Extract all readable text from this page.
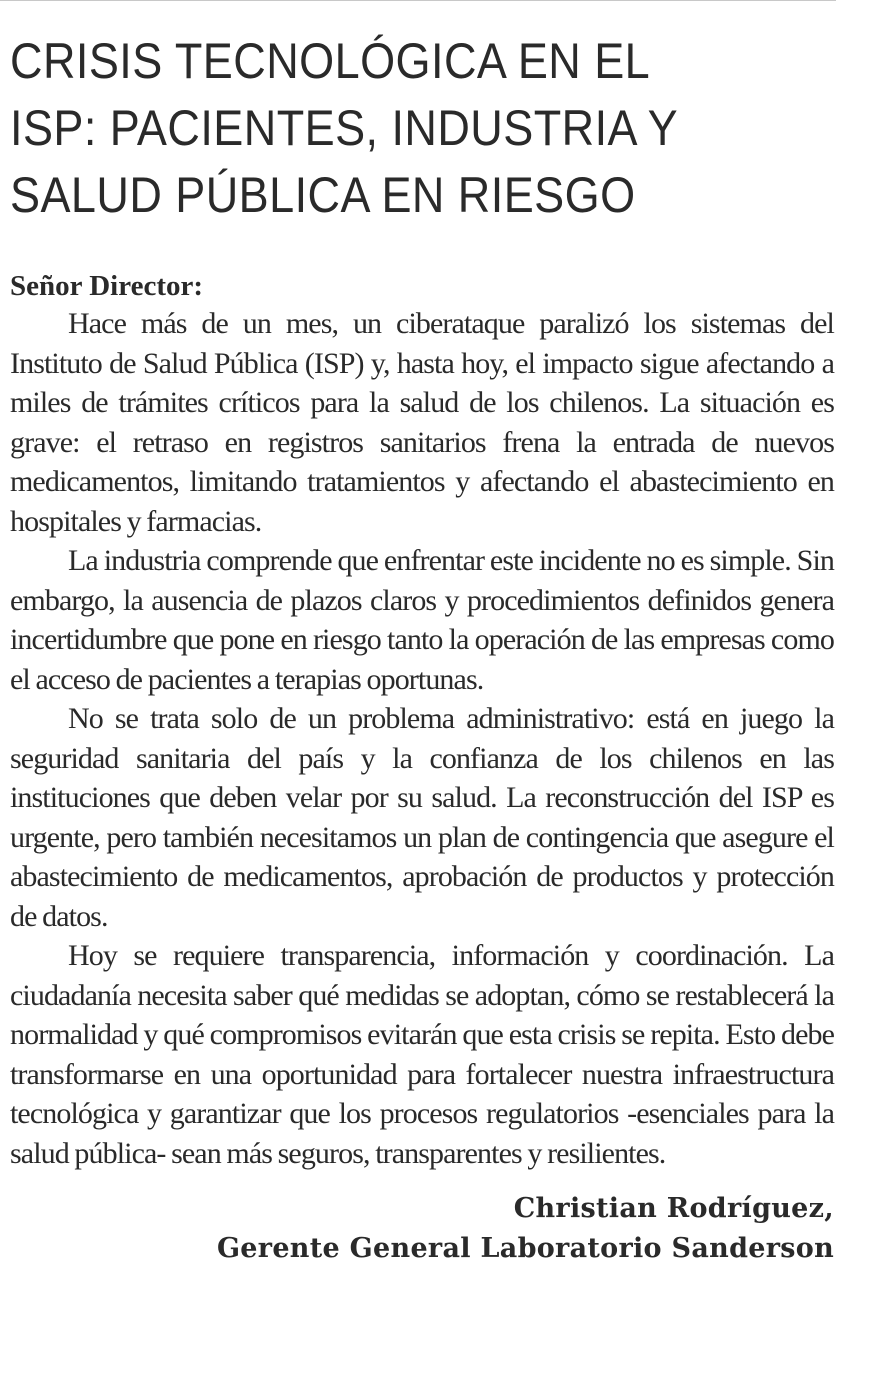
CRISIS TECNOLÓGICA EN EL
ISP: PACIENTES, INDUSTRIA Y
SALUD PÚBLICA EN RIESGO
Señor Director:

Hace más de un mes, un ciberataque paralizó los sistemas del Instituto de Salud Pública (ISP) y, hasta hoy, el impacto sigue afectando a miles de trámites críticos para la salud de los chilenos. La situación es grave: el retraso en registros sanitarios frena la entrada de nuevos medicamentos, limitando tratamientos y afectando el abastecimiento en hospitales y farmacias.

La industria comprende que enfrentar este incidente no es simple. Sin embargo, la ausencia de plazos claros y procedimientos definidos genera incertidumbre que pone en riesgo tanto la operación de las empresas como el acceso de pacientes a terapias oportunas.

No se trata solo de un problema administrativo: está en juego la seguridad sanitaria del país y la confianza de los chilenos en las instituciones que deben velar por su salud. La reconstrucción del ISP es urgente, pero también necesitamos un plan de contingencia que asegure el abastecimiento de medicamentos, aprobación de productos y protección de datos.

Hoy se requiere transparencia, información y coordinación. La ciudadanía necesita saber qué medidas se adoptan, cómo se restablecerá la normalidad y qué compromisos evitarán que esta crisis se repita. Esto debe transformarse en una oportunidad para fortalecer nuestra infraestructura tecnológica y garantizar que los procesos regulatorios -esenciales para la salud pública- sean más seguros, transparentes y resilientes.

Christian Rodríguez,
Gerente General Laboratorio Sanderson
